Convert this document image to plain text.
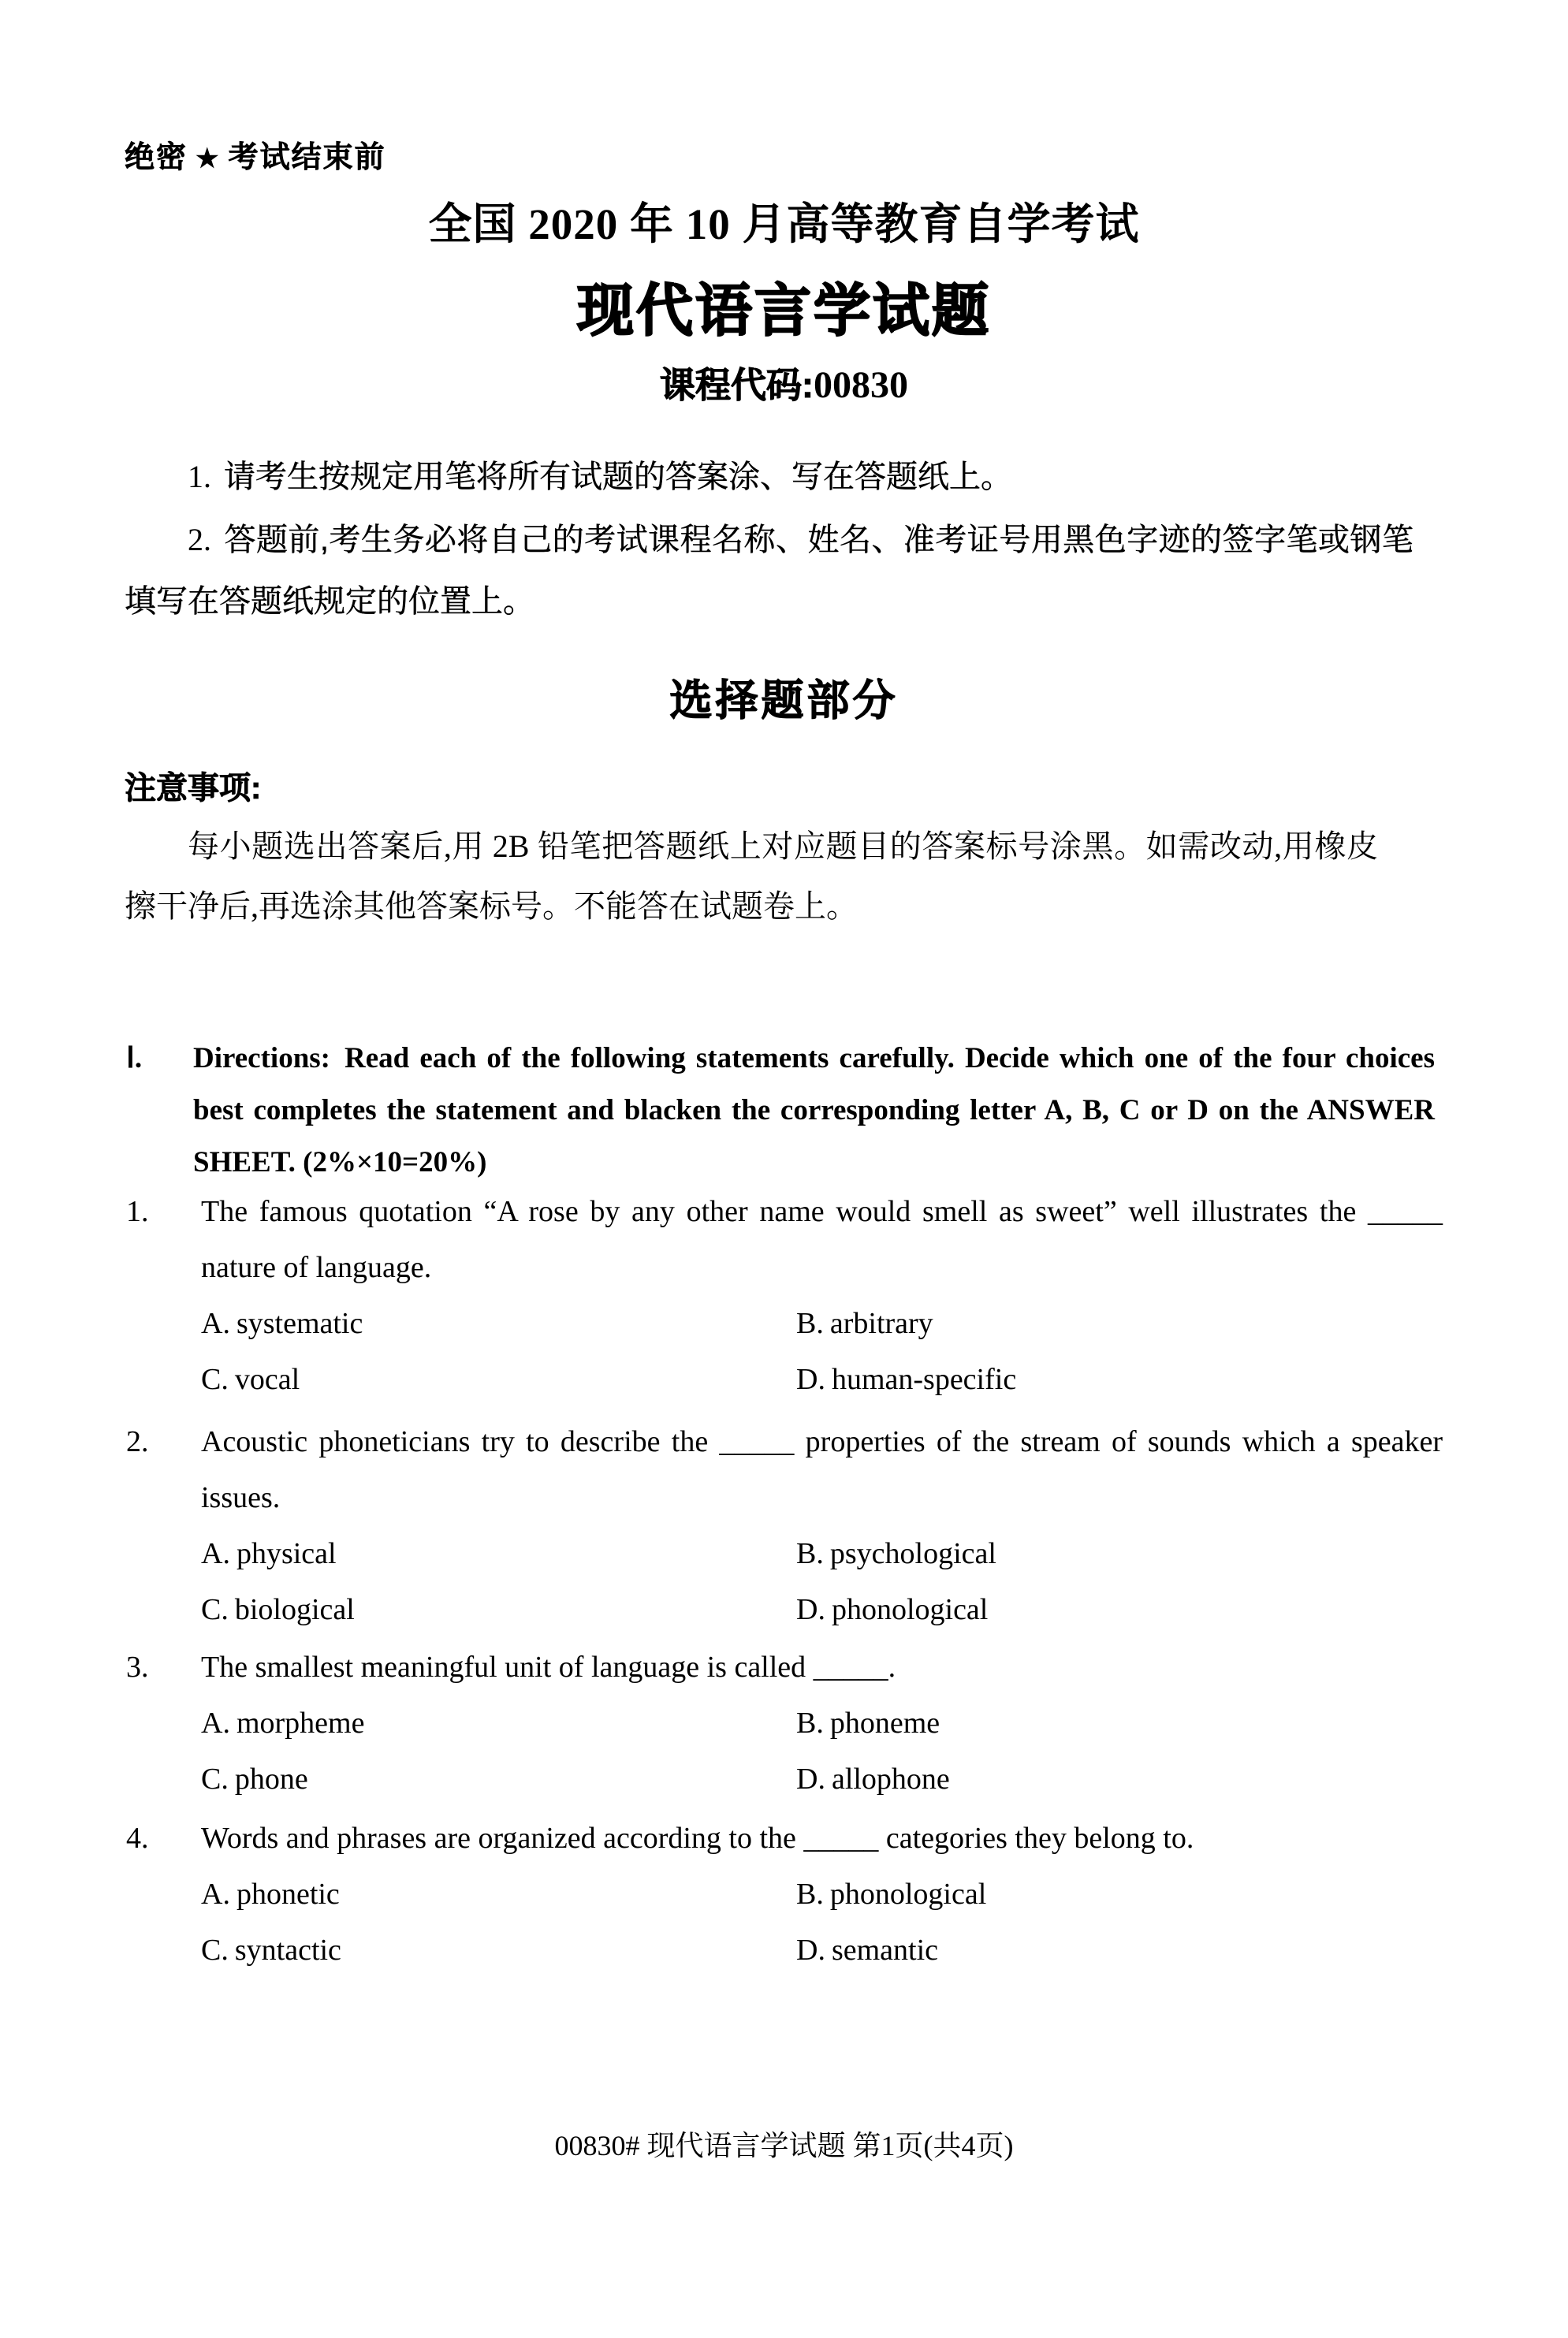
绝密 ★ 考试结束前
全国 2020 年 10 月高等教育自学考试
现代语言学试题
课程代码:00830

1. 请考生按规定用笔将所有试题的答案涂、写在答题纸上。

2. 答题前,考生务必将自己的考试课程名称、姓名、准考证号用黑色字迹的签字笔或钢笔填写在答题纸规定的位置上。

选择题部分
注意事项:

每小题选出答案后,用 2B 铅笔把答题纸上对应题目的答案标号涂黑。如需改动,用橡皮擦干净后,再选涂其他答案标号。不能答在试题卷上。

Ⅰ.	Directions: Read each of the following statements carefully. Decide which one of the four choices best completes the statement and blacken the corresponding letter A, B, C or D on the ANSWER SHEET. (2%×10=20%)
1.	The famous quotation “A rose by any other name would smell as sweet” well illustrates the _____ nature of language.

A. systematic	B. arbitrary
C. vocal	D. human-specific
2.	Acoustic phoneticians try to describe the _____ properties of the stream of sounds which a speaker issues.

A. physical	B. psychological
C. biological	D. phonological
3.	The smallest meaningful unit of language is called _____.

A. morpheme	B. phoneme
C. phone	D. allophone
4.	Words and phrases are organized according to the _____ categories they belong to.

A. phonetic	B. phonological
C. syntactic	D. semantic
00830# 现代语言学试题 第1页(共4页)
